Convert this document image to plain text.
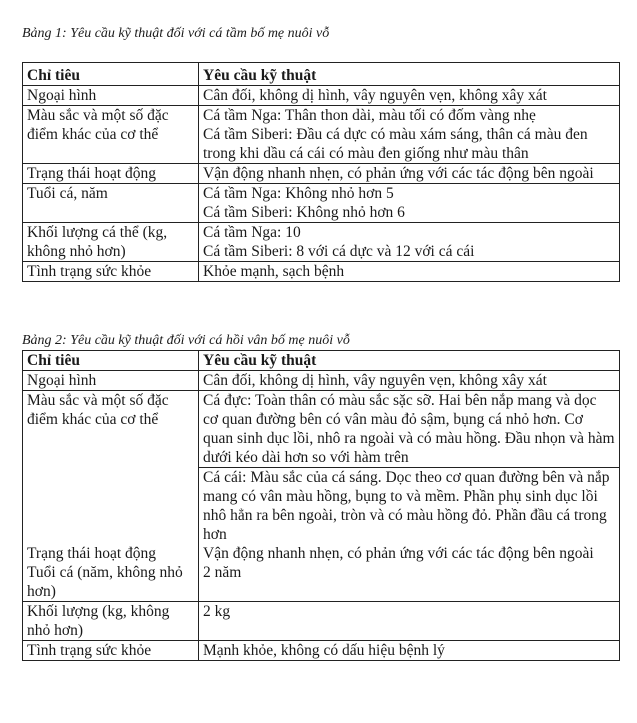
Bảng 1: Yêu cầu kỹ thuật đối với cá tầm bố mẹ nuôi vỗ
Chỉ tiêu	Yêu cầu kỹ thuật
Ngoại hình	Cân đối, không dị hình, vây nguyên vẹn, không xây xát

Màu sắc và một số đặc điểm khác của cơ thể	Cá tầm Nga: Thân thon dài, màu tối có đốm vàng nhẹ
Cá tầm Siberi: Đầu cá dực có màu xám sáng, thân cá màu đen trong khi dầu cá cái có màu đen giống như màu thân

Trạng thái hoạt động	Vận động nhanh nhẹn, có phản ứng với các tác động bên ngoài

Tuổi cá, năm	Cá tầm Nga: Không nhỏ hơn 5
Cá tầm Siberi: Không nhỏ hơn 6

Khối lượng cá thể (kg, không nhỏ hơn)	Cá tầm Nga: 10
Cá tầm Siberi: 8 với cá dực và 12 với cá cái

Tình trạng sức khỏe	Khỏe mạnh, sạch bệnh
Bảng 2: Yêu cầu kỹ thuật đối với cá hồi vân bố mẹ nuôi vỗ
Chỉ tiêu	Yêu cầu kỹ thuật
Ngoại hình	Cân đối, không dị hình, vây nguyên vẹn, không xây xát
Màu sắc và một số đặc điểm khác của cơ thể	Cá đực: Toàn thân có màu sắc sặc sỡ. Hai bên nắp mang và dọc cơ quan đường bên có vân màu đỏ sậm, bụng cá nhỏ hơn. Cơ quan sinh dục lồi, nhô ra ngoài và có màu hồng. Đầu nhọn và hàm dưới kéo dài hơn so với hàm trên
	Cá cái: Màu sắc của cá sáng. Dọc theo cơ quan đường bên và nắp mang có vân màu hồng, bụng to và mềm. Phần phụ sinh dục lồi nhô hẳn ra bên ngoài, tròn và có màu hồng đỏ. Phần đầu cá trong hơn
Trạng thái hoạt động	Vận động nhanh nhẹn, có phản ứng với các tác động bên ngoài
Tuổi cá (năm, không nhỏ hơn)	2 năm
Khối lượng (kg, không nhỏ hơn)	2 kg
Tình trạng sức khỏe	Mạnh khỏe, không có dấu hiệu bệnh lý
